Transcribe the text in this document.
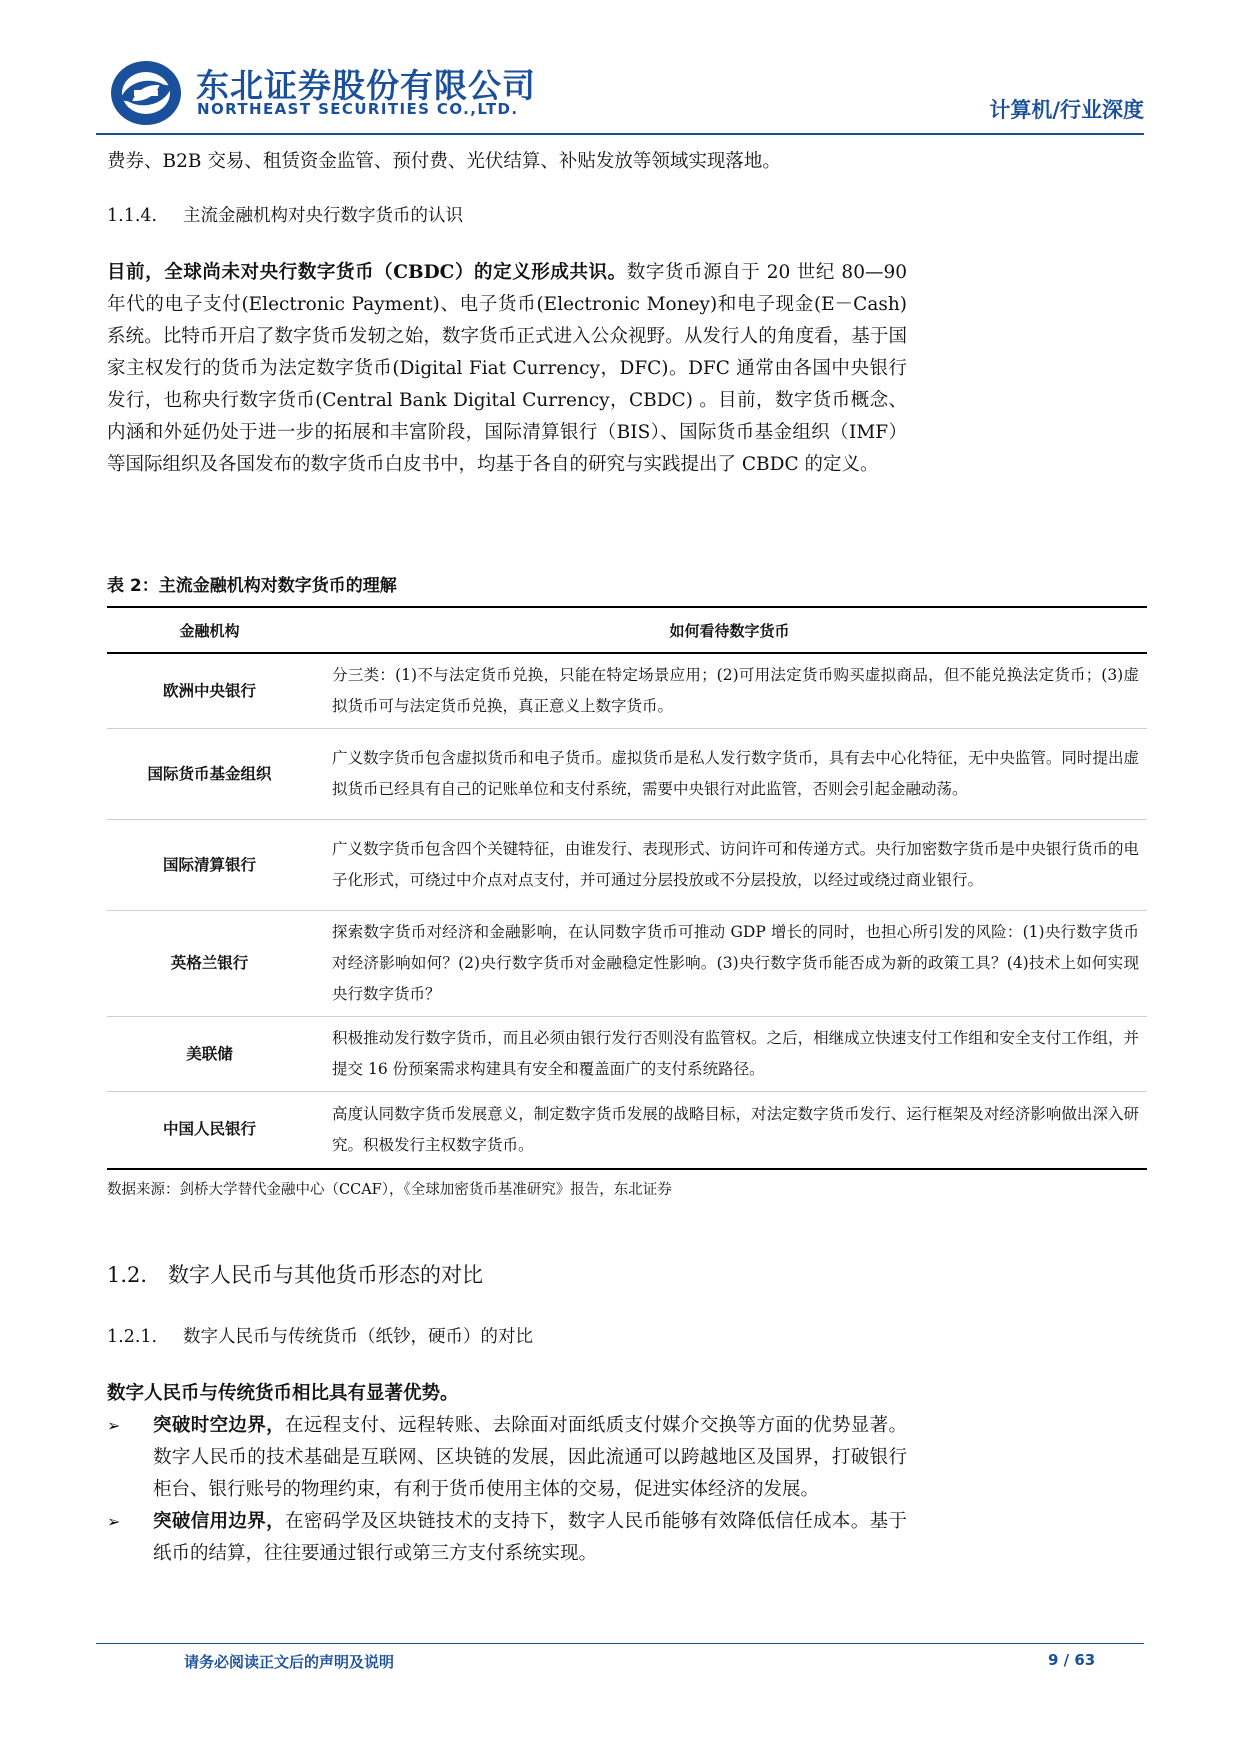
东北证券股份有限公司
NORTHEAST SECURITIES CO.,LTD.	计算机/行业深度

费券、B2B 交易、租赁资金监管、预付费、光伏结算、补贴发放等领域实现落地。

1.1.4. 主流金融机构对央行数字货币的认识

目前，全球尚未对央行数字货币（CBDC）的定义形成共识。数字货币源自于 20 世纪 80—90 年代的电子支付(Electronic Payment)、电子货币(Electronic Money)和电子现金(E－Cash)系统。比特币开启了数字货币发轫之始，数字货币正式进入公众视野。从发行人的角度看，基于国家主权发行的货币为法定数字货币(Digital Fiat Currency，DFC)。DFC 通常由各国中央银行发行，也称央行数字货币(Central Bank Digital Currency，CBDC) 。目前，数字货币概念、内涵和外延仍处于进一步的拓展和丰富阶段，国际清算银行（BIS）、国际货币基金组织（IMF）等国际组织及各国发布的数字货币白皮书中，均基于各自的研究与实践提出了 CBDC 的定义。

表 2：主流金融机构对数字货币的理解
金融机构	如何看待数字货币
欧洲中央银行	分三类：(1)不与法定货币兑换，只能在特定场景应用；(2)可用法定货币购买虚拟商品，但不能兑换法定货币；(3)虚拟货币可与法定货币兑换，真正意义上数字货币。
国际货币基金组织	广义数字货币包含虚拟货币和电子货币。虚拟货币是私人发行数字货币，具有去中心化特征，无中央监管。同时提出虚拟货币已经具有自己的记账单位和支付系统，需要中央银行对此监管，否则会引起金融动荡。
国际清算银行	广义数字货币包含四个关键特征，由谁发行、表现形式、访问许可和传递方式。央行加密数字货币是中央银行货币的电子化形式，可绕过中介点对点支付，并可通过分层投放或不分层投放，以经过或绕过商业银行。
英格兰银行	探索数字货币对经济和金融影响，在认同数字货币可推动 GDP 增长的同时，也担心所引发的风险：(1)央行数字货币对经济影响如何？(2)央行数字货币对金融稳定性影响。(3)央行数字货币能否成为新的政策工具？(4)技术上如何实现央行数字货币？
美联储	积极推动发行数字货币，而且必须由银行发行否则没有监管权。之后，相继成立快速支付工作组和安全支付工作组，并提交 16 份预案需求构建具有安全和覆盖面广的支付系统路径。
中国人民银行	高度认同数字货币发展意义，制定数字货币发展的战略目标，对法定数字货币发行、运行框架及对经济影响做出深入研究。积极发行主权数字货币。
数据来源：剑桥大学替代金融中心（CCAF），《全球加密货币基准研究》报告，东北证券
1.2. 数字人民币与其他货币形态的对比
1.2.1. 数字人民币与传统货币（纸钞，硬币）的对比

数字人民币与传统货币相比具有显著优势。

➢ 突破时空边界，在远程支付、远程转账、去除面对面纸质支付媒介交换等方面的优势显著。数字人民币的技术基础是互联网、区块链的发展，因此流通可以跨越地区及国界，打破银行柜台、银行账号的物理约束，有利于货币使用主体的交易，促进实体经济的发展。
➢ 突破信用边界，在密码学及区块链技术的支持下，数字人民币能够有效降低信任成本。基于纸币的结算，往往要通过银行或第三方支付系统实现。
请务必阅读正文后的声明及说明	9 / 63
